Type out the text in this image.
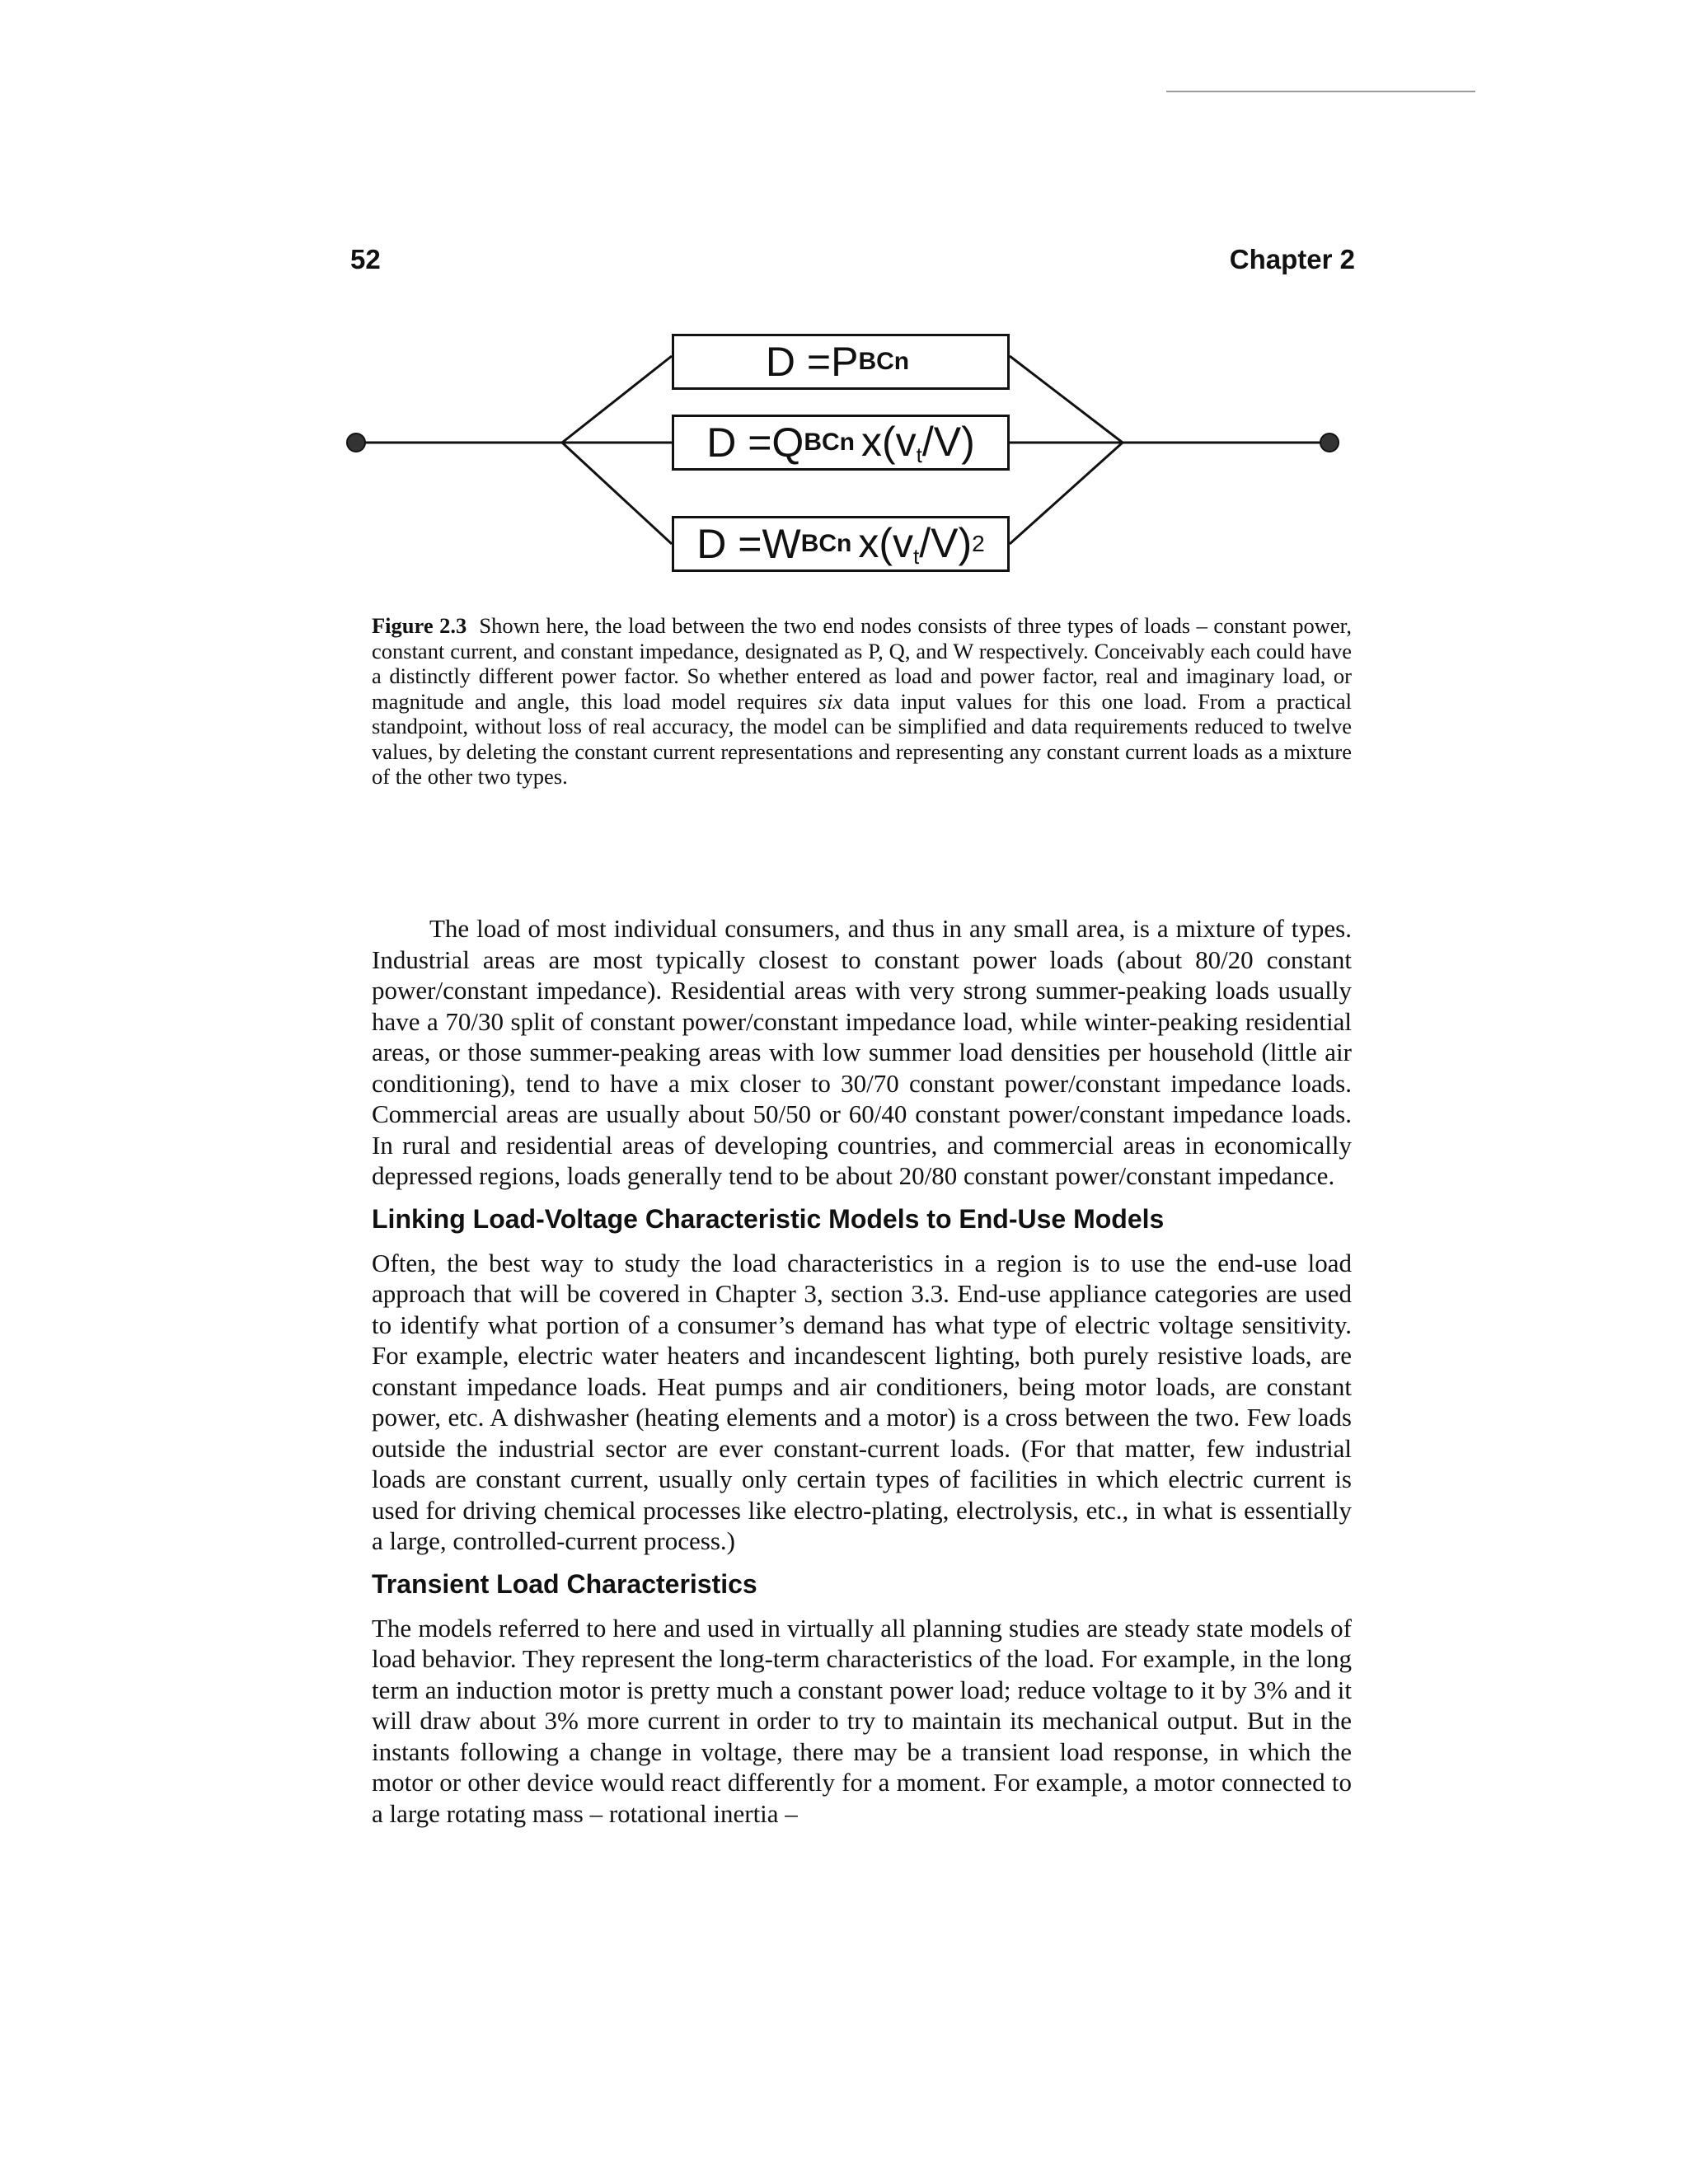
52	Chapter 2
D = P BCn
D = Q BCn x(vt/V)
D = W BCn x(vt/V) 2
Figure 2.3 Shown here, the load between the two end nodes consists of three types of loads – constant power, constant current, and constant impedance, designated as P, Q, and W respectively. Conceivably each could have a distinctly different power factor. So whether entered as load and power factor, real and imaginary load, or magnitude and angle, this load model requires six data input values for this one load. From a practical standpoint, without loss of real accuracy, the model can be simplified and data requirements reduced to twelve values, by deleting the constant current representations and representing any constant current loads as a mixture of the other two types.

The load of most individual consumers, and thus in any small area, is a mixture of types. Industrial areas are most typically closest to constant power loads (about 80/20 constant power/constant impedance). Residential areas with very strong summer-peaking loads usually have a 70/30 split of constant power/constant impedance load, while winter-peaking residential areas, or those summer-peaking areas with low summer load densities per household (little air conditioning), tend to have a mix closer to 30/70 constant power/constant impedance loads. Commercial areas are usually about 50/50 or 60/40 constant power/constant impedance loads. In rural and residential areas of developing countries, and commercial areas in economically depressed regions, loads generally tend to be about 20/80 constant power/constant impedance.

Linking Load-Voltage Characteristic Models to End-Use Models

Often, the best way to study the load characteristics in a region is to use the end-use load approach that will be covered in Chapter 3, section 3.3. End-use appliance categories are used to identify what portion of a consumer’s demand has what type of electric voltage sensitivity. For example, electric water heaters and incandescent lighting, both purely resistive loads, are constant impedance loads. Heat pumps and air conditioners, being motor loads, are constant power, etc. A dishwasher (heating elements and a motor) is a cross between the two. Few loads outside the industrial sector are ever constant-current loads. (For that matter, few industrial loads are constant current, usually only certain types of facilities in which electric current is used for driving chemical processes like electro-plating, electrolysis, etc., in what is essentially a large, controlled-current process.)

Transient Load Characteristics

The models referred to here and used in virtually all planning studies are steady state models of load behavior. They represent the long-term characteristics of the load. For example, in the long term an induction motor is pretty much a constant power load; reduce voltage to it by 3% and it will draw about 3% more current in order to try to maintain its mechanical output. But in the instants following a change in voltage, there may be a transient load response, in which the motor or other device would react differently for a moment. For example, a motor connected to a large rotating mass – rotational inertia –
